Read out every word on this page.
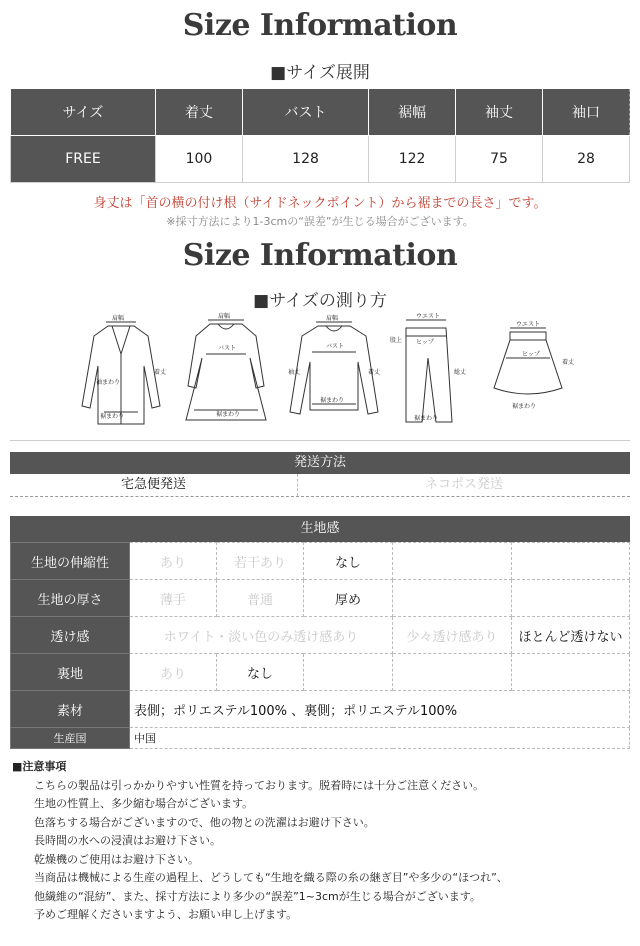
Size Information
■サイズ展開
サイズ	着丈	バスト	裾幅	袖丈	袖口
FREE	100	128	122	75	28
身丈は「首の横の付け根（サイドネックポイント）から裾までの長さ」です。
※採寸方法により1-3cmの“誤差”が生じる場合がございます。
Size Information
■サイズの測り方
肩幅
裾まわり
袖まわり
着丈
肩幅
バスト
裾まわり
肩幅
バスト
裾まわり
袖丈	着丈
ウエスト
ヒップ
股上
総丈
裾まわり
ウエスト
ヒップ
裾まわり
着丈
発送方法
宅急便発送	ネコポス発送
生地感
生地の伸縮性	あり	若干あり	なし		
生地の厚さ	薄手	普通	厚め		
透け感	ホワイト・淡い色のみ透け感あり			少々透け感あり	ほとんど透けない
裏地	あり	なし			
素材	表側；ポリエステル100% 、裏側；ポリエステル100%				
生産国	中国				
■注意事項
こちらの製品は引っかかりやすい性質を持っております。脱着時には十分ご注意ください。
生地の性質上、多少縮む場合がございます。
色落ちする場合がございますので、他の物との洗濯はお避け下さい。
長時間の水への浸漬はお避け下さい。
乾燥機のご使用はお避け下さい。
当商品は機械による生産の過程上、どうしても“生地を織る際の糸の継ぎ目”や多少の“ほつれ”、
他繊維の“混紡”、また、採寸方法により多少の“誤差”1~3cmが生じる場合がございます。
予めご理解くださいますよう、お願い申し上げます。
